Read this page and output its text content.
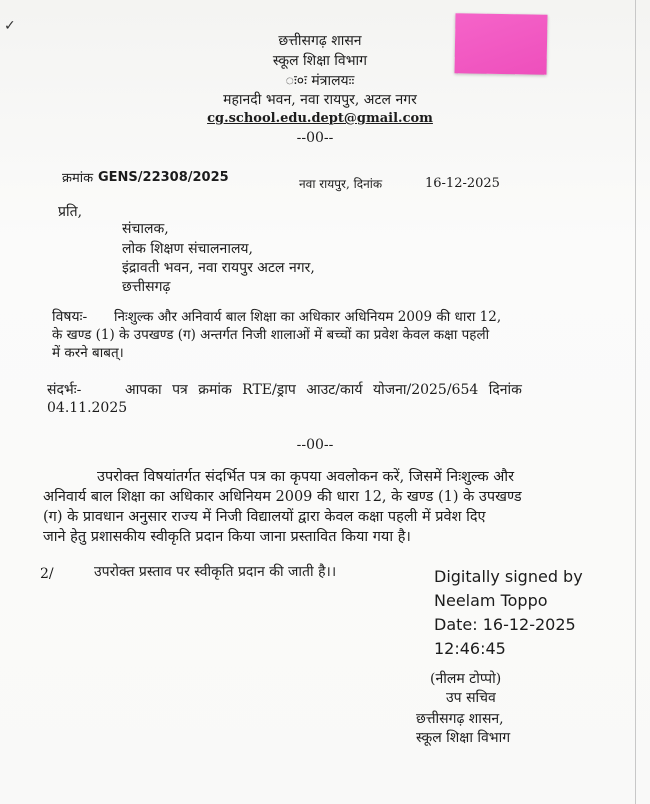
✓
छत्तीसगढ़ शासन
स्कूल शिक्षा विभाग
ः०ः मंत्रालयःः
महानदी भवन, नवा रायपुर, अटल नगर
cg.school.edu.dept@gmail.com
--00--
क्रमांक GENS/22308/2025	नवा रायपुर, दिनांक	16-12-2025
प्रति,
संचालक,
लोक शिक्षण संचालनालय,
इंद्रावती भवन, नवा रायपुर अटल नगर,
छत्तीसगढ़
विषयः- निःशुल्क और अनिवार्य बाल शिक्षा का अधिकार अधिनियम 2009 की धारा 12,
के खण्ड (1) के उपखण्ड (ग) अन्तर्गत निजी शालाओं में बच्चों का प्रवेश केवल कक्षा पहली
में करने बाबत्।
संदर्भः-	आपका पत्र क्रमांक RTE/ड्राप आउट/कार्य योजना/2025/654 दिनांक
04.11.2025
--00--
उपरोक्त विषयांतर्गत संदर्भित पत्र का कृपया अवलोकन करें, जिसमें निःशुल्क और
अनिवार्य बाल शिक्षा का अधिकार अधिनियम 2009 की धारा 12, के खण्ड (1) के उपखण्ड
(ग) के प्रावधान अनुसार राज्य में निजी विद्यालयों द्वारा केवल कक्षा पहली में प्रवेश दिए
जाने हेतु प्रशासकीय स्वीकृति प्रदान किया जाना प्रस्तावित किया गया है।
2/	उपरोक्त प्रस्ताव पर स्वीकृति प्रदान की जाती है।।	Digitally signed by
Neelam Toppo
Date: 16-12-2025
12:46:45
(नीलम टोप्पो)
उप सचिव
छत्तीसगढ़ शासन,
स्कूल शिक्षा विभाग
